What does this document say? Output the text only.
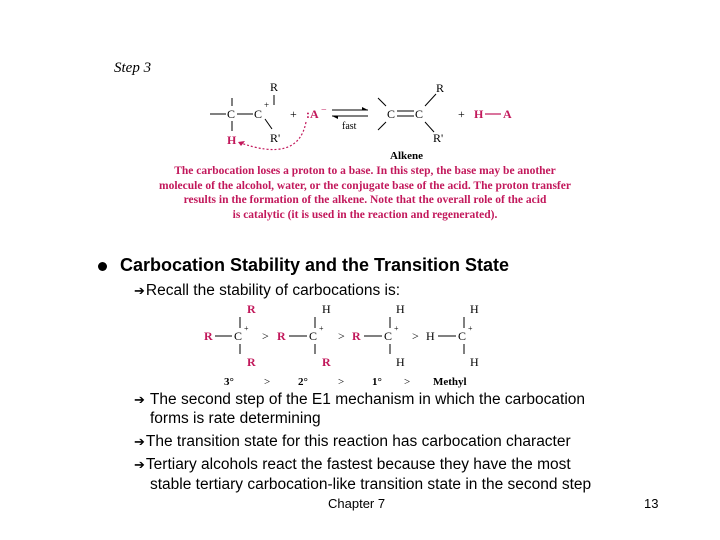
Step 3
R
C C
+
H	R'
+ :A −
fast
C C
R
R'
+ H A
Alkene
The carbocation loses a proton to a base. In this step, the base may be another
molecule of the alcohol, water, or the conjugate base of the acid. The proton transfer
results in the formation of the alkene. Note that the overall role of the acid
is catalytic (it is used in the reaction and regenerated).
Carbocation Stability and the Transition State
➔Recall the stability of carbocations is:
R
R C
+
R
>
H
R C
+
R
>
H
R C
+
H
>
H
H C
+
H
3°	>	2°	>	1° > Methyl
➔ The second step of the E1 mechanism in which the carbocation
forms is rate determining
➔The transition state for this reaction has carbocation character
➔Tertiary alcohols react the fastest because they have the most
stable tertiary carbocation-like transition state in the second step
Chapter 7	13
